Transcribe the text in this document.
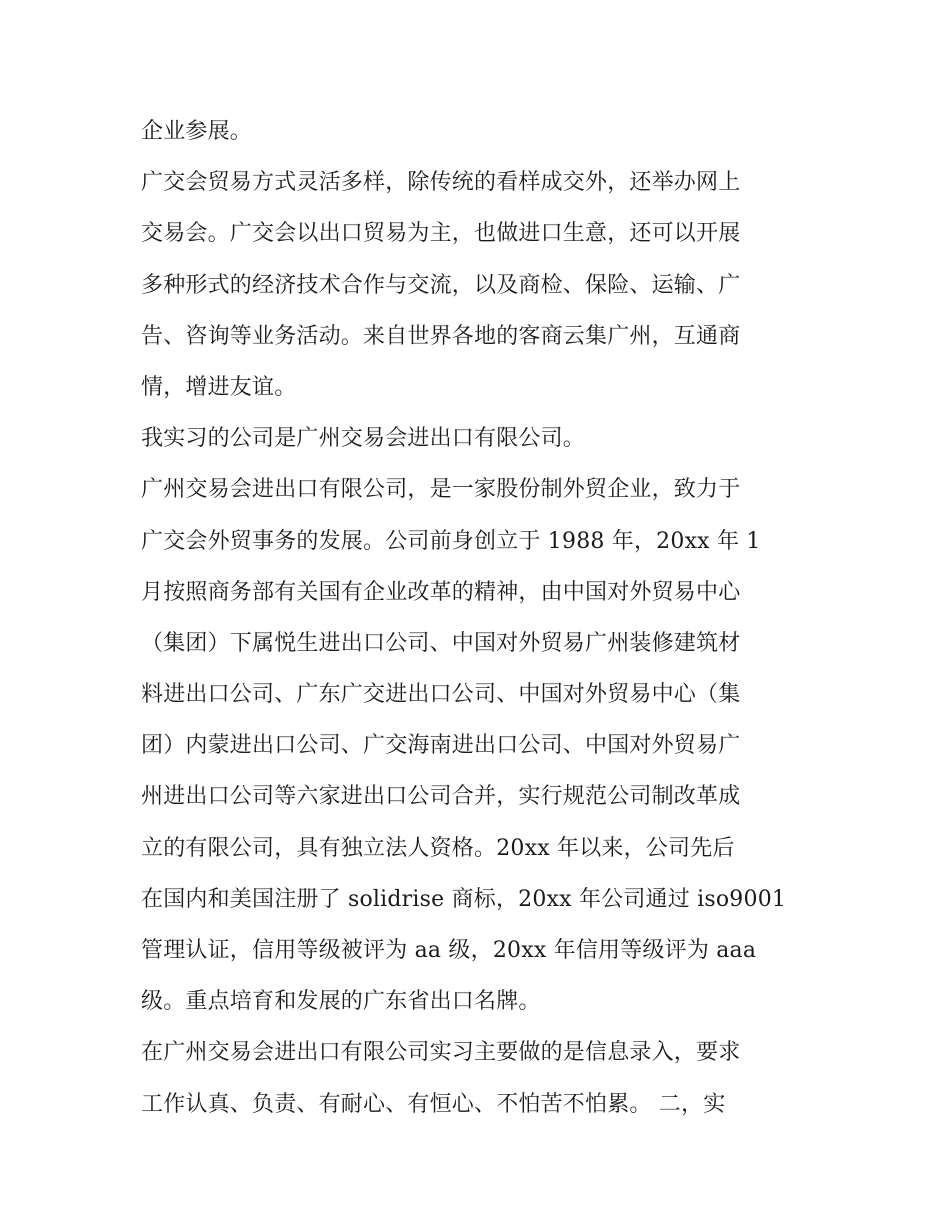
企业参展。
广交会贸易方式灵活多样，除传统的看样成交外，还举办网上
交易会。广交会以出口贸易为主，也做进口生意，还可以开展
多种形式的经济技术合作与交流，以及商检、保险、运输、广
告、咨询等业务活动。来自世界各地的客商云集广州，互通商
情，增进友谊。
我实习的公司是广州交易会进出口有限公司。
广州交易会进出口有限公司，是一家股份制外贸企业，致力于
广交会外贸事务的发展。公司前身创立于 1988 年，20xx 年 1
月按照商务部有关国有企业改革的精神，由中国对外贸易中心
（集团）下属悦生进出口公司、中国对外贸易广州装修建筑材
料进出口公司、广东广交进出口公司、中国对外贸易中心（集
团）内蒙进出口公司、广交海南进出口公司、中国对外贸易广
州进出口公司等六家进出口公司合并，实行规范公司制改革成
立的有限公司，具有独立法人资格。20xx 年以来，公司先后
在国内和美国注册了 solidrise 商标，20xx 年公司通过 iso9001
管理认证，信用等级被评为 aa 级，20xx 年信用等级评为 aaa
级。重点培育和发展的广东省出口名牌。
在广州交易会进出口有限公司实习主要做的是信息录入，要求
工作认真、负责、有耐心、有恒心、不怕苦不怕累。 二，实
